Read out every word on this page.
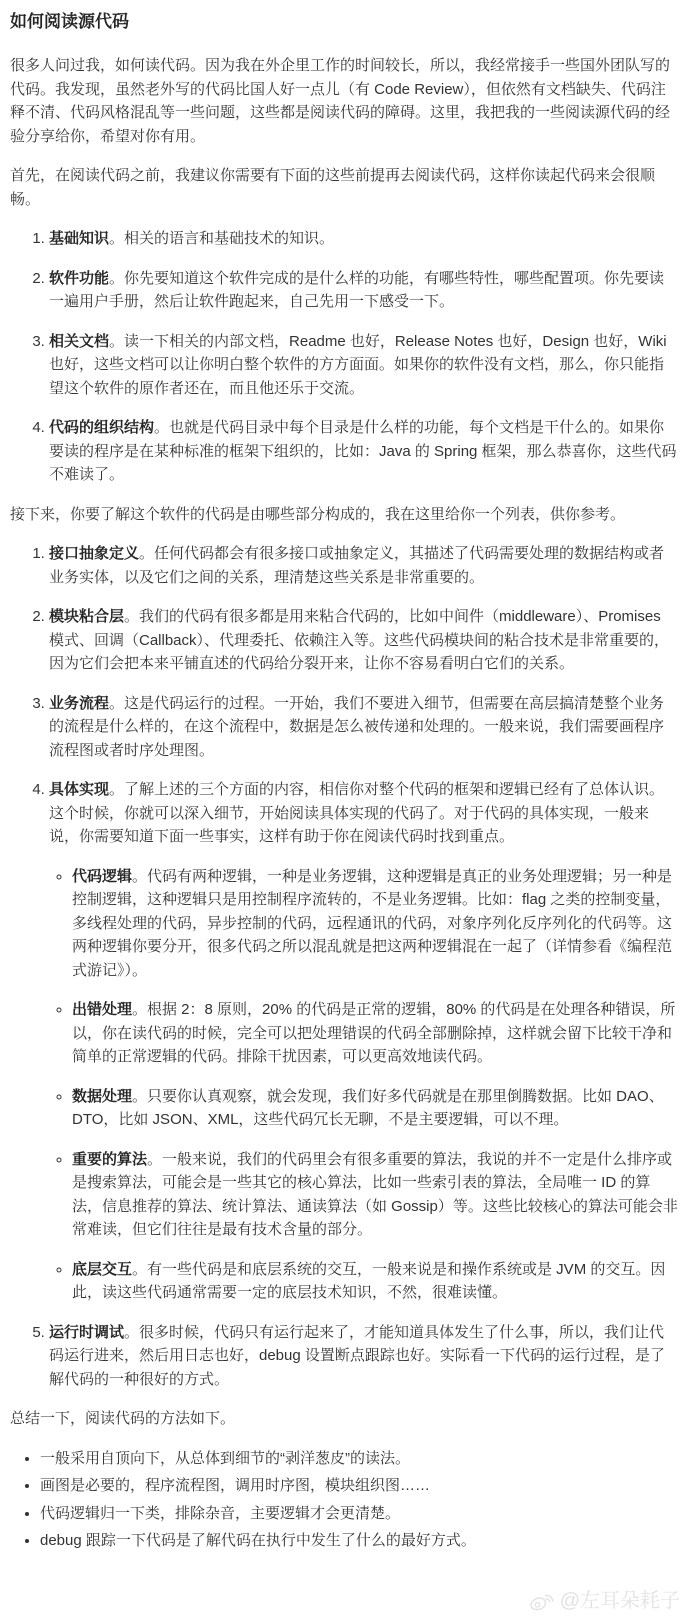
如何阅读源代码

很多人问过我，如何读代码。因为我在外企里工作的时间较长，所以，我经常接手一些国外团队写的代码。我发现，虽然老外写的代码比国人好一点儿（有 Code Review），但依然有文档缺失、代码注释不清、代码风格混乱等一些问题，这些都是阅读代码的障碍。这里，我把我的一些阅读源代码的经验分享给你，希望对你有用。

首先，在阅读代码之前，我建议你需要有下面的这些前提再去阅读代码，这样你读起代码来会很顺畅。

1. 基础知识。相关的语言和基础技术的知识。
2. 软件功能。你先要知道这个软件完成的是什么样的功能，有哪些特性，哪些配置项。你先要读一遍用户手册，然后让软件跑起来，自己先用一下感受一下。
3. 相关文档。读一下相关的内部文档，Readme 也好，Release Notes 也好，Design 也好，Wiki 也好，这些文档可以让你明白整个软件的方方面面。如果你的软件没有文档，那么，你只能指望这个软件的原作者还在，而且他还乐于交流。
4. 代码的组织结构。也就是代码目录中每个目录是什么样的功能，每个文档是干什么的。如果你要读的程序是在某种标准的框架下组织的，比如：Java 的 Spring 框架，那么恭喜你，这些代码不难读了。

接下来，你要了解这个软件的代码是由哪些部分构成的，我在这里给你一个列表，供你参考。

1. 接口抽象定义。任何代码都会有很多接口或抽象定义，其描述了代码需要处理的数据结构或者业务实体，以及它们之间的关系，理清楚这些关系是非常重要的。
2. 模块粘合层。我们的代码有很多都是用来粘合代码的，比如中间件（middleware）、Promises 模式、回调（Callback）、代理委托、依赖注入等。这些代码模块间的粘合技术是非常重要的，因为它们会把本来平铺直述的代码给分裂开来，让你不容易看明白它们的关系。
3. 业务流程。这是代码运行的过程。一开始，我们不要进入细节，但需要在高层搞清楚整个业务的流程是什么样的，在这个流程中，数据是怎么被传递和处理的。一般来说，我们需要画程序流程图或者时序处理图。
4. 具体实现。了解上述的三个方面的内容，相信你对整个代码的框架和逻辑已经有了总体认识。这个时候，你就可以深入细节，开始阅读具体实现的代码了。对于代码的具体实现，一般来说，你需要知道下面一些事实，这样有助于你在阅读代码时找到重点。
◦ 代码逻辑。代码有两种逻辑，一种是业务逻辑，这种逻辑是真正的业务处理逻辑；另一种是控制逻辑，这种逻辑只是用控制程序流转的，不是业务逻辑。比如：flag 之类的控制变量，多线程处理的代码，异步控制的代码，远程通讯的代码，对象序列化反序列化的代码等。这两种逻辑你要分开，很多代码之所以混乱就是把这两种逻辑混在一起了（详情参看《编程范式游记》）。
◦ 出错处理。根据 2：8 原则，20% 的代码是正常的逻辑，80% 的代码是在处理各种错误，所以，你在读代码的时候，完全可以把处理错误的代码全部删除掉，这样就会留下比较干净和简单的正常逻辑的代码。排除干扰因素，可以更高效地读代码。
◦ 数据处理。只要你认真观察，就会发现，我们好多代码就是在那里倒腾数据。比如 DAO、DTO，比如 JSON、XML，这些代码冗长无聊，不是主要逻辑，可以不理。
◦ 重要的算法。一般来说，我们的代码里会有很多重要的算法，我说的并不一定是什么排序或是搜索算法，可能会是一些其它的核心算法，比如一些索引表的算法，全局唯一 ID 的算法，信息推荐的算法、统计算法、通读算法（如 Gossip）等。这些比较核心的算法可能会非常难读，但它们往往是最有技术含量的部分。
◦ 底层交互。有一些代码是和底层系统的交互，一般来说是和操作系统或是 JVM 的交互。因此，读这些代码通常需要一定的底层技术知识，不然，很难读懂。
5. 运行时调试。很多时候，代码只有运行起来了，才能知道具体发生了什么事，所以，我们让代码运行进来，然后用日志也好，debug 设置断点跟踪也好。实际看一下代码的运行过程，是了解代码的一种很好的方式。

总结一下，阅读代码的方法如下。

• 一般采用自顶向下，从总体到细节的“剥洋葱皮”的读法。
• 画图是必要的，程序流程图，调用时序图，模块组织图……
• 代码逻辑归一下类，排除杂音，主要逻辑才会更清楚。
• debug 跟踪一下代码是了解代码在执行中发生了什么的最好方式。
@左耳朵耗子
